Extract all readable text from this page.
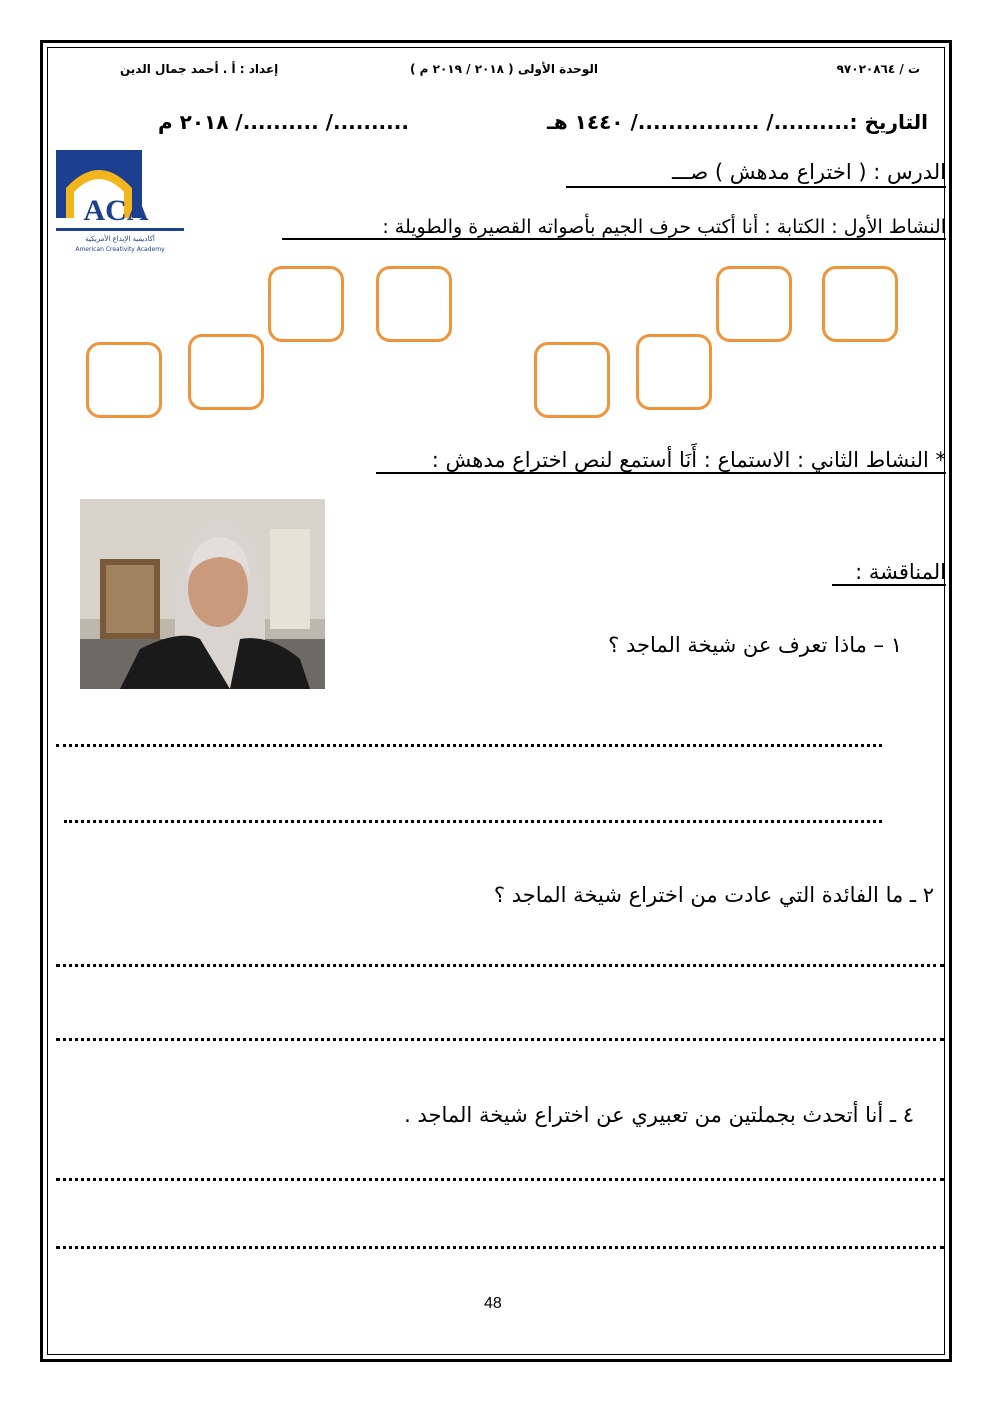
ت / ٩٧٠٢٠٨٦٤
الوحدة الأولى ( ٢٠١٨ / ٢٠١٩ م )
إعداد : أ . أحمد جمال الدين
التاريخ :........../ ................/ ١٤٤٠ هـ
........../ ........../ ٢٠١٨ م
ACA
أكاديمية الإبداع الأمريكية
American Creativity Academy
الدرس : ( اختراع مدهش ) صـــ
النشاط الأول : الكتابة : أنا أكتب حرف الجيم بأصواته القصيرة والطويلة :
* النشاط الثاني : الاستماع : أَنَا أستمع لنص اختراع مدهش :
المناقشة :
١ – ماذا تعرف عن شيخة الماجد ؟
٢ ـ ما الفائدة التي عادت من اختراع شيخة الماجد ؟
٤ ـ أنا أتحدث بجملتين من تعبيري عن اختراع شيخة الماجد .
48
